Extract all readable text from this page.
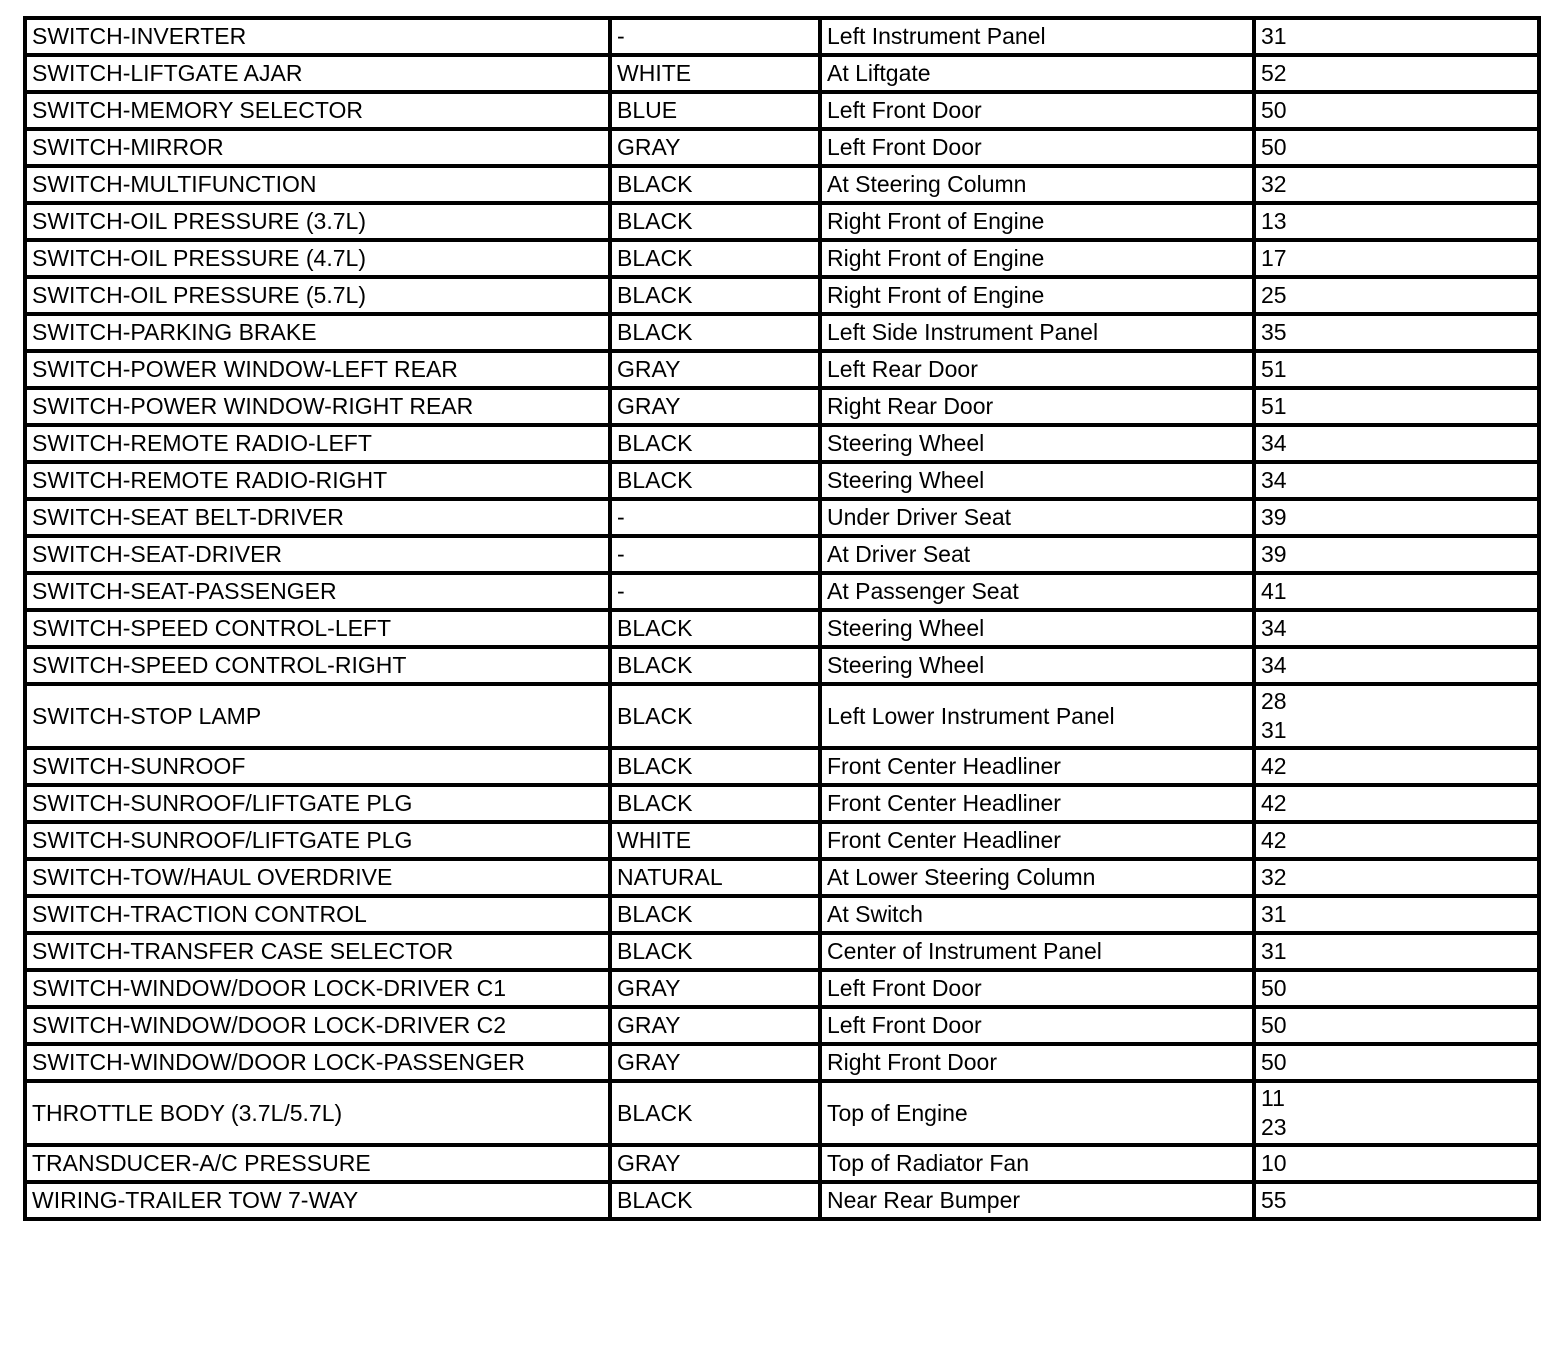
SWITCH-INVERTER	-	Left Instrument Panel	31

SWITCH-LIFTGATE AJAR	WHITE	At Liftgate	52

SWITCH-MEMORY SELECTOR	BLUE	Left Front Door	50

SWITCH-MIRROR	GRAY	Left Front Door	50

SWITCH-MULTIFUNCTION	BLACK	At Steering Column	32

SWITCH-OIL PRESSURE (3.7L)	BLACK	Right Front of Engine	13

SWITCH-OIL PRESSURE (4.7L)	BLACK	Right Front of Engine	17

SWITCH-OIL PRESSURE (5.7L)	BLACK	Right Front of Engine	25

SWITCH-PARKING BRAKE	BLACK	Left Side Instrument Panel	35

SWITCH-POWER WINDOW-LEFT REAR	GRAY	Left Rear Door	51

SWITCH-POWER WINDOW-RIGHT REAR	GRAY	Right Rear Door	51

SWITCH-REMOTE RADIO-LEFT	BLACK	Steering Wheel	34

SWITCH-REMOTE RADIO-RIGHT	BLACK	Steering Wheel	34

SWITCH-SEAT BELT-DRIVER	-	Under Driver Seat	39

SWITCH-SEAT-DRIVER	-	At Driver Seat	39

SWITCH-SEAT-PASSENGER	-	At Passenger Seat	41

SWITCH-SPEED CONTROL-LEFT	BLACK	Steering Wheel	34

SWITCH-SPEED CONTROL-RIGHT	BLACK	Steering Wheel	34

SWITCH-STOP LAMP	BLACK	Left Lower Instrument Panel	28
31

SWITCH-SUNROOF	BLACK	Front Center Headliner	42

SWITCH-SUNROOF/LIFTGATE PLG	BLACK	Front Center Headliner	42

SWITCH-SUNROOF/LIFTGATE PLG	WHITE	Front Center Headliner	42

SWITCH-TOW/HAUL OVERDRIVE	NATURAL	At Lower Steering Column	32

SWITCH-TRACTION CONTROL	BLACK	At Switch	31

SWITCH-TRANSFER CASE SELECTOR	BLACK	Center of Instrument Panel	31

SWITCH-WINDOW/DOOR LOCK-DRIVER C1	GRAY	Left Front Door	50

SWITCH-WINDOW/DOOR LOCK-DRIVER C2	GRAY	Left Front Door	50

SWITCH-WINDOW/DOOR LOCK-PASSENGER	GRAY	Right Front Door	50

THROTTLE BODY (3.7L/5.7L)	BLACK	Top of Engine	11
23

TRANSDUCER-A/C PRESSURE	GRAY	Top of Radiator Fan	10

WIRING-TRAILER TOW 7-WAY	BLACK	Near Rear Bumper	55
